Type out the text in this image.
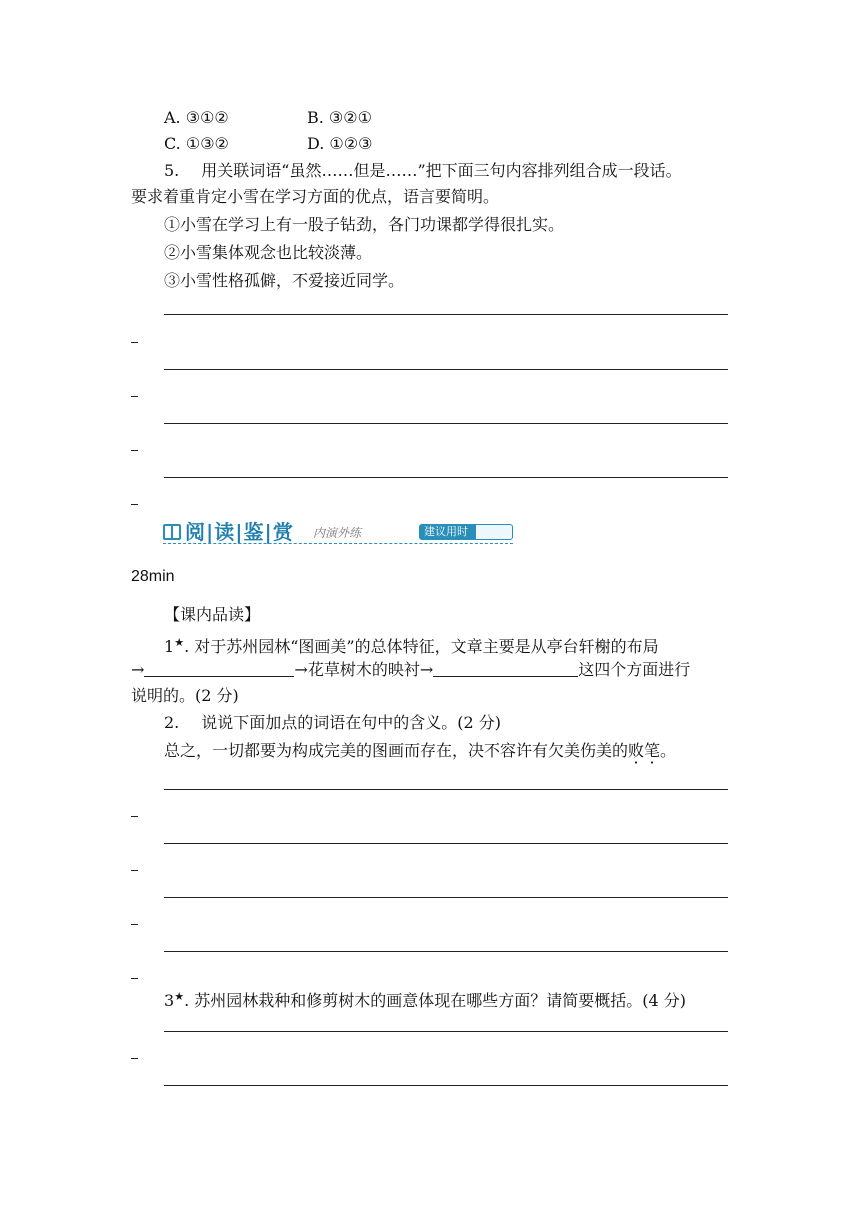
A. ③①②	B. ③②①
C. ①③②	D. ①②③
5. 用关联词语“虽然……但是……”把下面三句内容排列组合成一段话。
要求着重肯定小雪在学习方面的优点，语言要简明。
①小雪在学习上有一股子钻劲，各门功课都学得很扎实。
②小雪集体观念也比较淡薄。
③小雪性格孤僻，不爱接近同学。
阅|读|鉴|赏 内演外练	建议用时
28min
【课内品读】
1★. 对于苏州园林“图画美”的总体特征，文章主要是从亭台轩榭的布局
→	→花草树木的映衬→	这四个方面进行
说明的。(2 分)
2. 说说下面加点的词语在句中的含义。(2 分)
总之，一切都要为构成完美的图画而存在，决不容许有欠美伤美的败笔。
3★. 苏州园林栽种和修剪树木的画意体现在哪些方面？请简要概括。(4 分)
